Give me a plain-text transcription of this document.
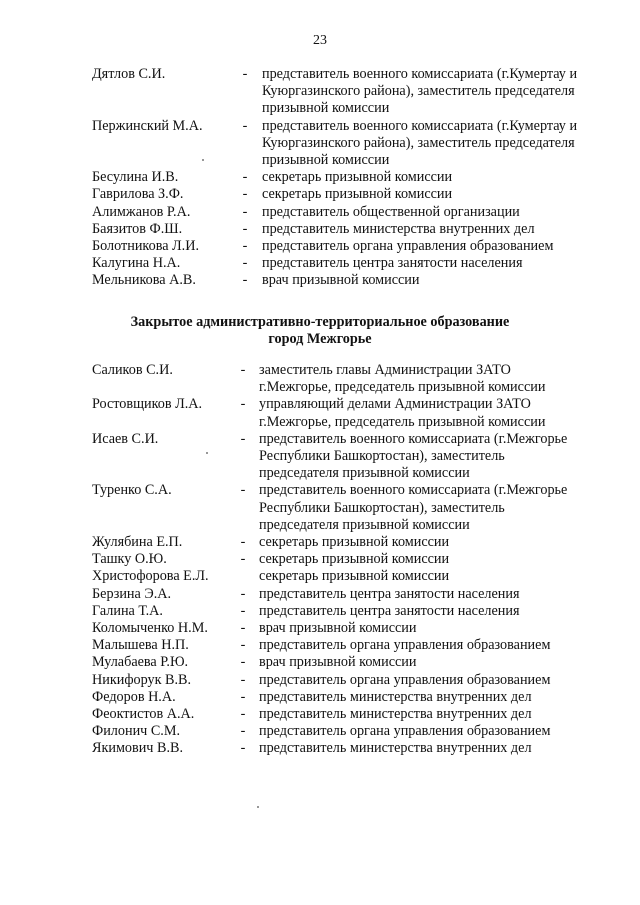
23
Дятлов С.И.	- представитель военного комиссариата (г.Кумертау и
Куюргазинского района), заместитель председателя
призывной комиссии
Пержинский М.А.	- представитель военного комиссариата (г.Кумертау и
Куюргазинского района), заместитель председателя
призывной комиссии
Бесулина И.В.	- секретарь призывной комиссии
Гаврилова З.Ф.	- секретарь призывной комиссии
Алимжанов Р.А.	- представитель общественной организации
Баязитов Ф.Ш.	- представитель министерства внутренних дел
Болотникова Л.И.	- представитель органа управления образованием
Калугина Н.А.	- представитель центра занятости населения
Мельникова А.В.	- врач призывной комиссии
Закрытое административно-территориальное образование
город Межгорье
Саликов С.И.	- заместитель главы Администрации ЗАТО
г.Межгорье, председатель призывной комиссии
Ростовщиков Л.А.	- управляющий делами Администрации ЗАТО
г.Межгорье, председатель призывной комиссии
Исаев С.И.	- представитель военного комиссариата (г.Межгорье
Республики Башкортостан), заместитель
председателя призывной комиссии
Туренко С.А.	- представитель военного комиссариата (г.Межгорье
Республики Башкортостан), заместитель
председателя призывной комиссии
Жулябина Е.П.	- секретарь призывной комиссии
Ташку О.Ю.	- секретарь призывной комиссии
Христофорова Е.Л.	секретарь призывной комиссии
Берзина Э.А.	- представитель центра занятости населения
Галина Т.А.	- представитель центра занятости населения
Коломыченко Н.М. - врач призывной комиссии
Малышева Н.П.	- представитель органа управления образованием
Мулабаева Р.Ю.	- врач призывной комиссии
Никифорук В.В.	- представитель органа управления образованием
Федоров Н.А.	- представитель министерства внутренних дел
Феоктистов А.А.	- представитель министерства внутренних дел
Филонич С.М.	- представитель органа управления образованием
Якимович В.В.	- представитель министерства внутренних дел
